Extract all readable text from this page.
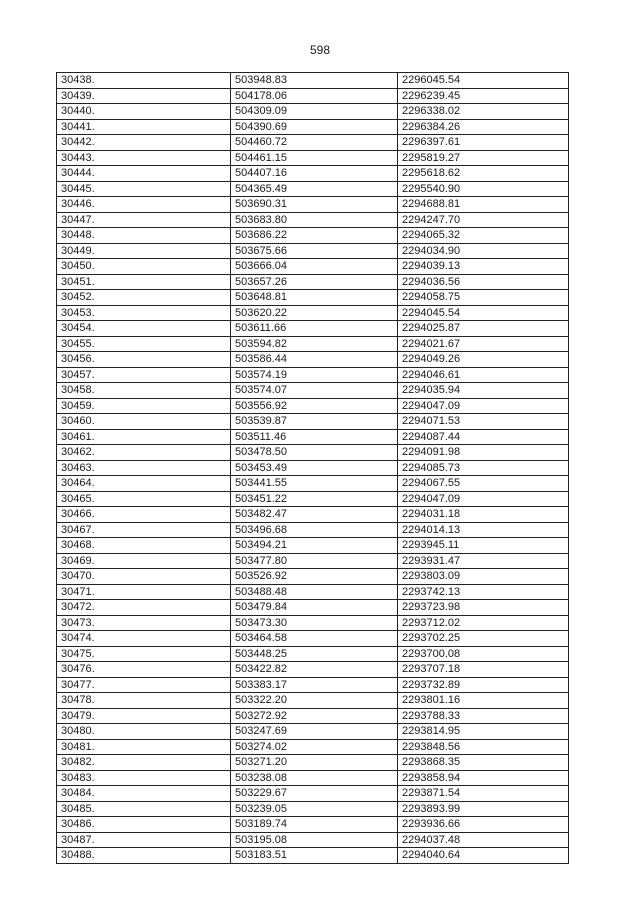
598
30438.	503948.83	2296045.54
30439.	504178.06	2296239.45
30440.	504309.09	2296338.02
30441.	504390.69	2296384.26
30442.	504460.72	2296397.61
30443.	504461.15	2295819.27
30444.	504407.16	2295618.62
30445.	504365.49	2295540.90
30446.	503690.31	2294688.81
30447.	503683.80	2294247.70
30448.	503686.22	2294065.32
30449.	503675.66	2294034.90
30450.	503666.04	2294039.13
30451.	503657.26	2294036.56
30452.	503648.81	2294058.75
30453.	503620.22	2294045.54
30454.	503611.66	2294025.87
30455.	503594.82	2294021.67
30456.	503586.44	2294049.26
30457.	503574.19	2294046.61
30458.	503574.07	2294035.94
30459.	503556.92	2294047.09
30460.	503539.87	2294071.53
30461.	503511.46	2294087.44
30462.	503478.50	2294091.98
30463.	503453.49	2294085.73
30464.	503441.55	2294067.55
30465.	503451.22	2294047.09
30466.	503482.47	2294031.18
30467.	503496.68	2294014.13
30468.	503494.21	2293945.11
30469.	503477.80	2293931.47
30470.	503526.92	2293803.09
30471.	503488.48	2293742.13
30472.	503479.84	2293723.98
30473.	503473.30	2293712.02
30474.	503464.58	2293702.25
30475.	503448.25	2293700.08
30476.	503422.82	2293707.18
30477.	503383.17	2293732.89
30478.	503322.20	2293801.16
30479.	503272.92	2293788.33
30480.	503247.69	2293814.95
30481.	503274.02	2293848.56
30482.	503271.20	2293868.35
30483.	503238.08	2293858.94
30484.	503229.67	2293871.54
30485.	503239.05	2293893.99
30486.	503189.74	2293936.66
30487.	503195.08	2294037.48
30488.	503183.51	2294040.64
